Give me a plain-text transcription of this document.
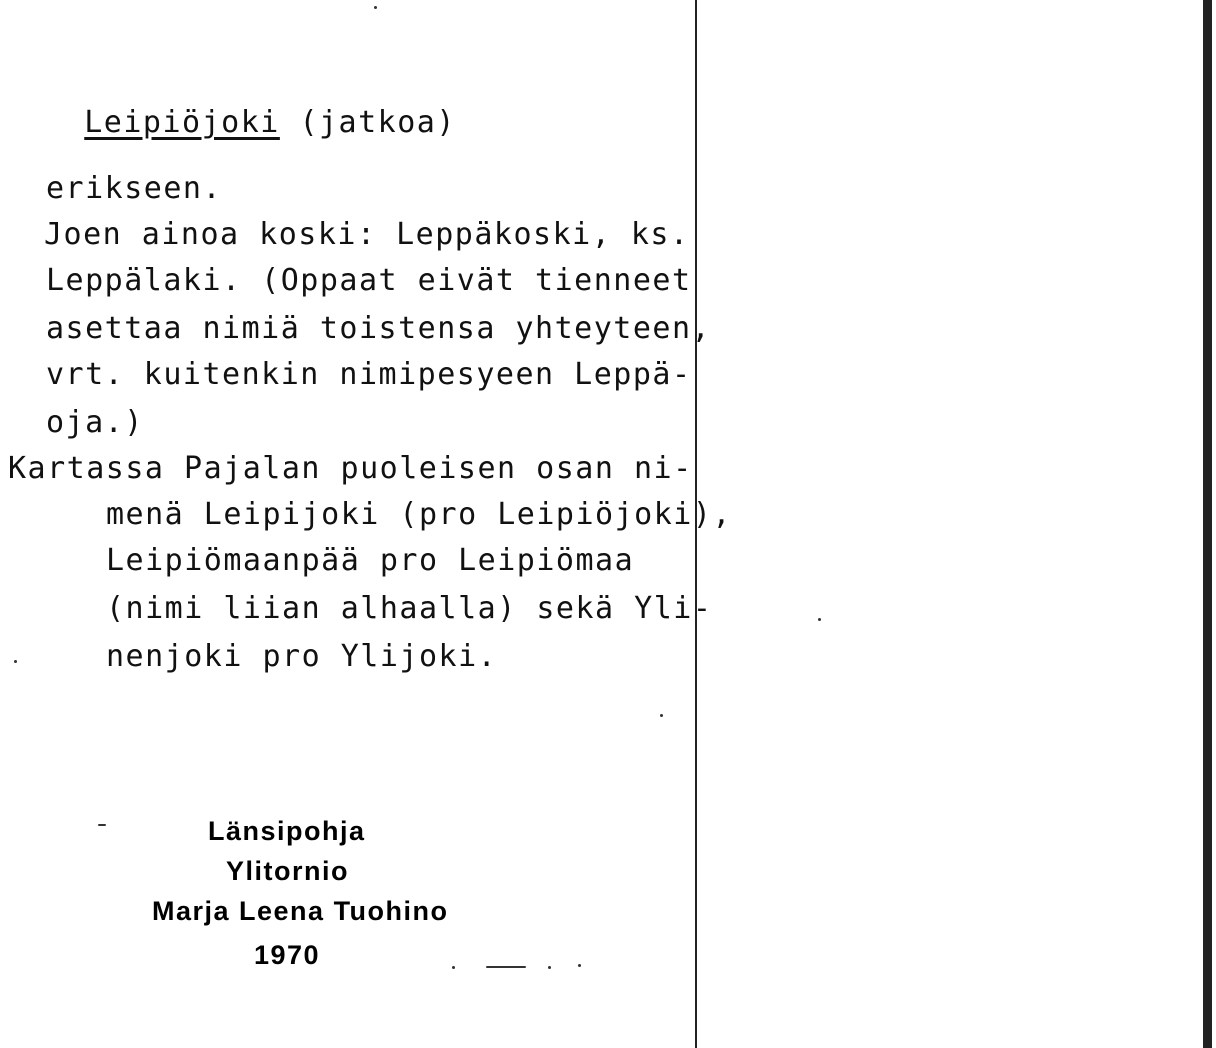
Leipiöjoki (jatkoa)

erikseen.
Joen ainoa koski: Leppäkoski, ks.
Leppälaki. (Oppaat eivät tienneet
asettaa nimiä toistensa yhteyteen,
vrt. kuitenkin nimipesyeen Leppä-
oja.)
Kartassa Pajalan puoleisen osan ni-
menä Leipijoki (pro Leipiöjoki),
Leipiömaanpää pro Leipiömaa
(nimi liian alhaalla) sekä Yli-
nenjoki pro Ylijoki.
Länsipohja
Ylitornio
Marja Leena Tuohino
1970
